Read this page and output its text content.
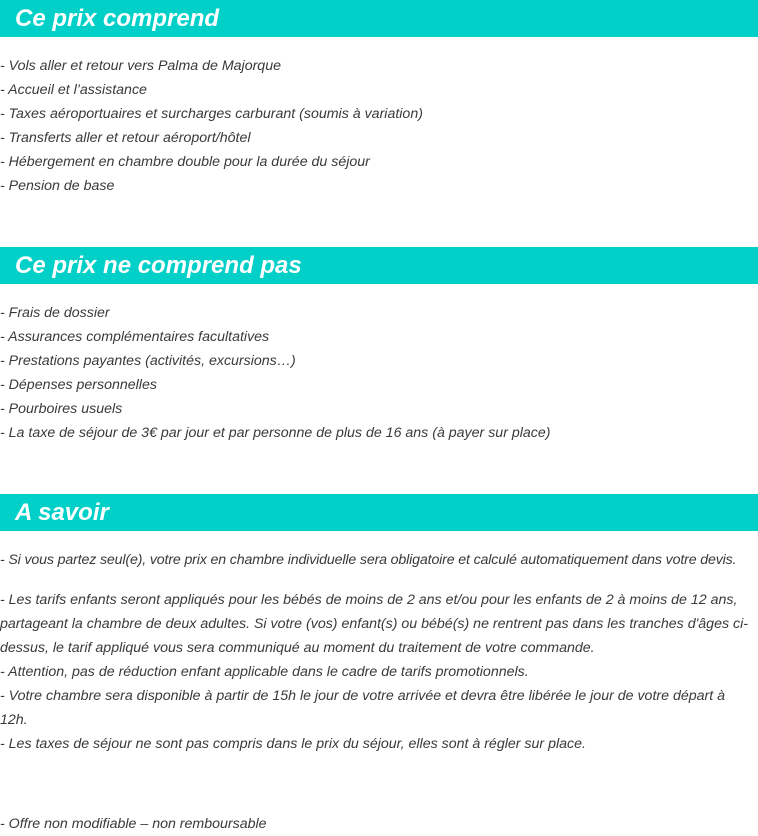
Ce prix comprend
- Vols aller et retour vers Palma de Majorque
- Accueil et l’assistance
- Taxes aéroportuaires et surcharges carburant (soumis à variation)
- Transferts aller et retour aéroport/hôtel
- Hébergement en chambre double pour la durée du séjour
- Pension de base
Ce prix ne comprend pas
- Frais de dossier
- Assurances complémentaires facultatives
- Prestations payantes (activités, excursions…)
- Dépenses personnelles
- Pourboires usuels
- La taxe de séjour de 3€ par jour et par personne de plus de 16 ans (à payer sur place)
A savoir

- Si vous partez seul(e), votre prix en chambre individuelle sera obligatoire et calculé automatiquement dans votre devis.

- Les tarifs enfants seront appliqués pour les bébés de moins de 2 ans et/ou pour les enfants de 2 à moins de 12 ans,
partageant la chambre de deux adultes. Si votre (vos) enfant(s) ou bébé(s) ne rentrent pas dans les tranches d'âges ci-
dessus, le tarif appliqué vous sera communiqué au moment du traitement de votre commande.
- Attention, pas de réduction enfant applicable dans le cadre de tarifs promotionnels.
- Votre chambre sera disponible à partir de 15h le jour de votre arrivée et devra être libérée le jour de votre départ à
12h.
- Les taxes de séjour ne sont pas compris dans le prix du séjour, elles sont à régler sur place.

- Offre non modifiable – non remboursable
